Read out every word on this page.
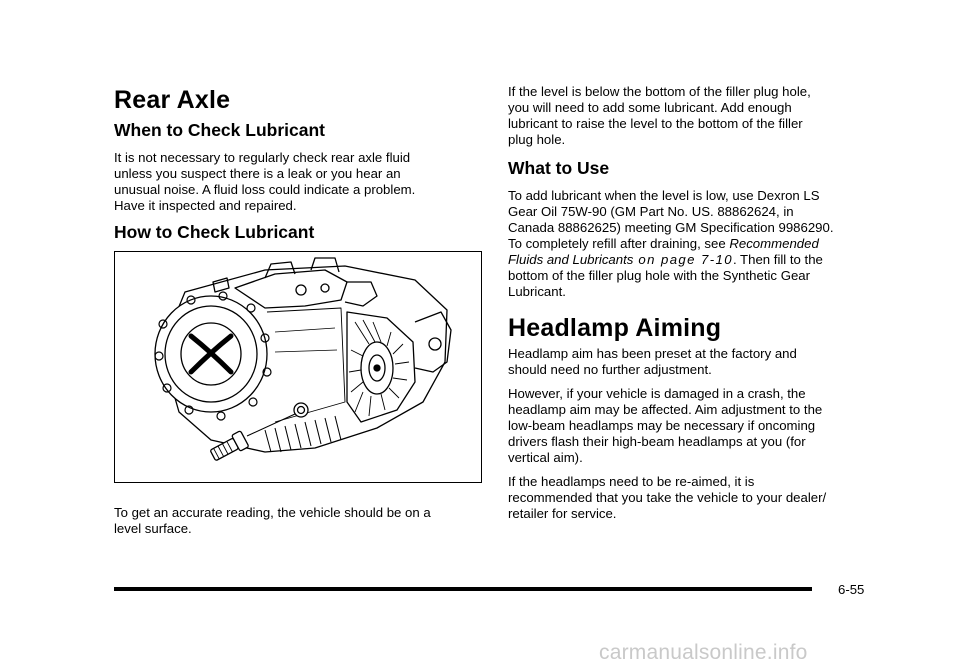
Rear Axle
When to Check Lubricant
It is not necessary to regularly check rear axle fluid
unless you suspect there is a leak or you hear an
unusual noise. A fluid loss could indicate a problem.
Have it inspected and repaired.
How to Check Lubricant
To get an accurate reading, the vehicle should be on a
level surface.
If the level is below the bottom of the filler plug hole,
you will need to add some lubricant. Add enough
lubricant to raise the level to the bottom of the filler
plug hole.
What to Use
To add lubricant when the level is low, use Dexron LS
Gear Oil 75W-90 (GM Part No. US. 88862624, in
Canada 88862625) meeting GM Specification 9986290.
To completely refill after draining, see Recommended
Fluids and Lubricants on page 7-10. Then fill to the
bottom of the filler plug hole with the Synthetic Gear
Lubricant.
Headlamp Aiming
Headlamp aim has been preset at the factory and
should need no further adjustment.
However, if your vehicle is damaged in a crash, the
headlamp aim may be affected. Aim adjustment to the
low-beam headlamps may be necessary if oncoming
drivers flash their high-beam headlamps at you (for
vertical aim).
If the headlamps need to be re-aimed, it is
recommended that you take the vehicle to your dealer/
retailer for service.
6-55
carmanualsonline.info
